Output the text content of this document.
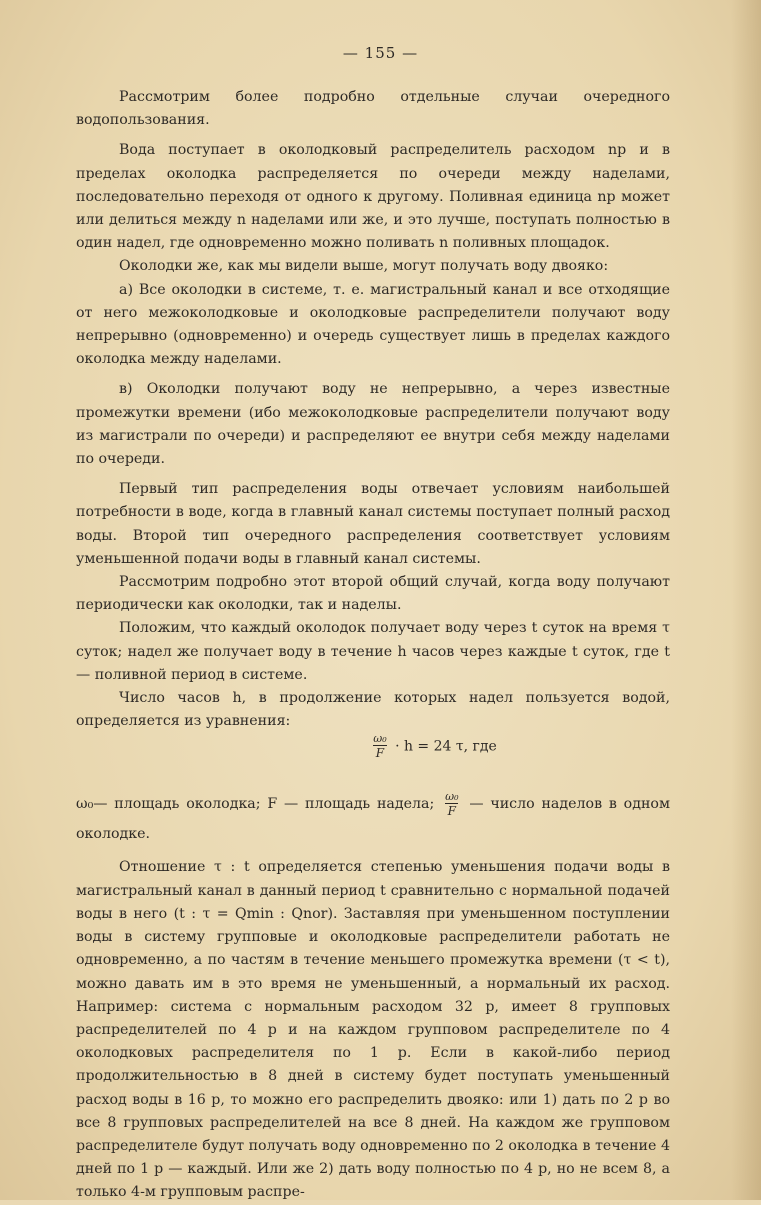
— 155 —

Рассмотрим более подробно отдельные случаи очередного водопользования.

Вода поступает в околодковый распределитель расходом np и в пределах околодка распределяется по очереди между наделами, последовательно переходя от одного к другому. Поливная единица np может или делиться между n наделами или же, и это лучше, поступать полностью в один надел, где одновременно можно поливать n поливных площадок.

Околодки же, как мы видели выше, могут получать воду двояко:

а) Все околодки в системе, т. е. магистральный канал и все отходящие от него межоколодковые и околодковые распределители получают воду непрерывно (одновременно) и очередь существует лишь в пределах каждого околодка между наделами.

в) Околодки получают воду не непрерывно, а через известные промежутки времени (ибо межоколодковые распределители получают воду из магистрали по очереди) и распределяют ее внутри себя между наделами по очереди.

Первый тип распределения воды отвечает условиям наибольшей потребности в воде, когда в главный канал системы поступает полный расход воды. Второй тип очередного распределения соответствует условиям уменьшенной подачи воды в главный канал системы.

Рассмотрим подробно этот второй общий случай, когда воду получают периодически как околодки, так и наделы.

Положим, что каждый околодок получает воду через t суток на время τ суток; надел же получает воду в течение h часов через каждые t суток, где t— поливной период в системе.

Число часов h, в продолжение которых надел пользуется водой, определяется из уравнения:

$\frac{\text{ω₀}}{F} \cdot h = 24$ τ, где
ω₀— площадь околодка; F — площадь надела; $\frac{\text{ω₀}}{F}$ — число наделов в одном околодке.

Отношение τ : t определяется степенью уменьшения подачи воды в магистральный канал в данный период t сравнительно с нормальной подачей воды в него (t : τ = Qmin : Qnor). Заставляя при уменьшенном поступлении воды в систему групповые и околодковые распределители работать не одновременно, а по частям в течение меньшего промежутка времени (τ < t), можно давать им в это время не уменьшенный, а нормальный их расход. Например: система с нормальным расходом 32 p, имеет 8 групповых распределителей по 4 p и на каждом групповом распределителе по 4 околодковых распределителя по 1 p. Если в какой-либо период продолжительностью в 8 дней в систему будет поступать уменьшенный расход воды в 16 p, то можно его распределить двояко: или 1) дать по 2 p во все 8 групповых распределителей на все 8 дней. На каждом же групповом распределителе будут получать воду одновременно по 2 околодка в течение 4 дней по 1 p — каждый. Или же 2) дать воду полностью по 4 p, но не всем 8, а только 4-м групповым распре-
